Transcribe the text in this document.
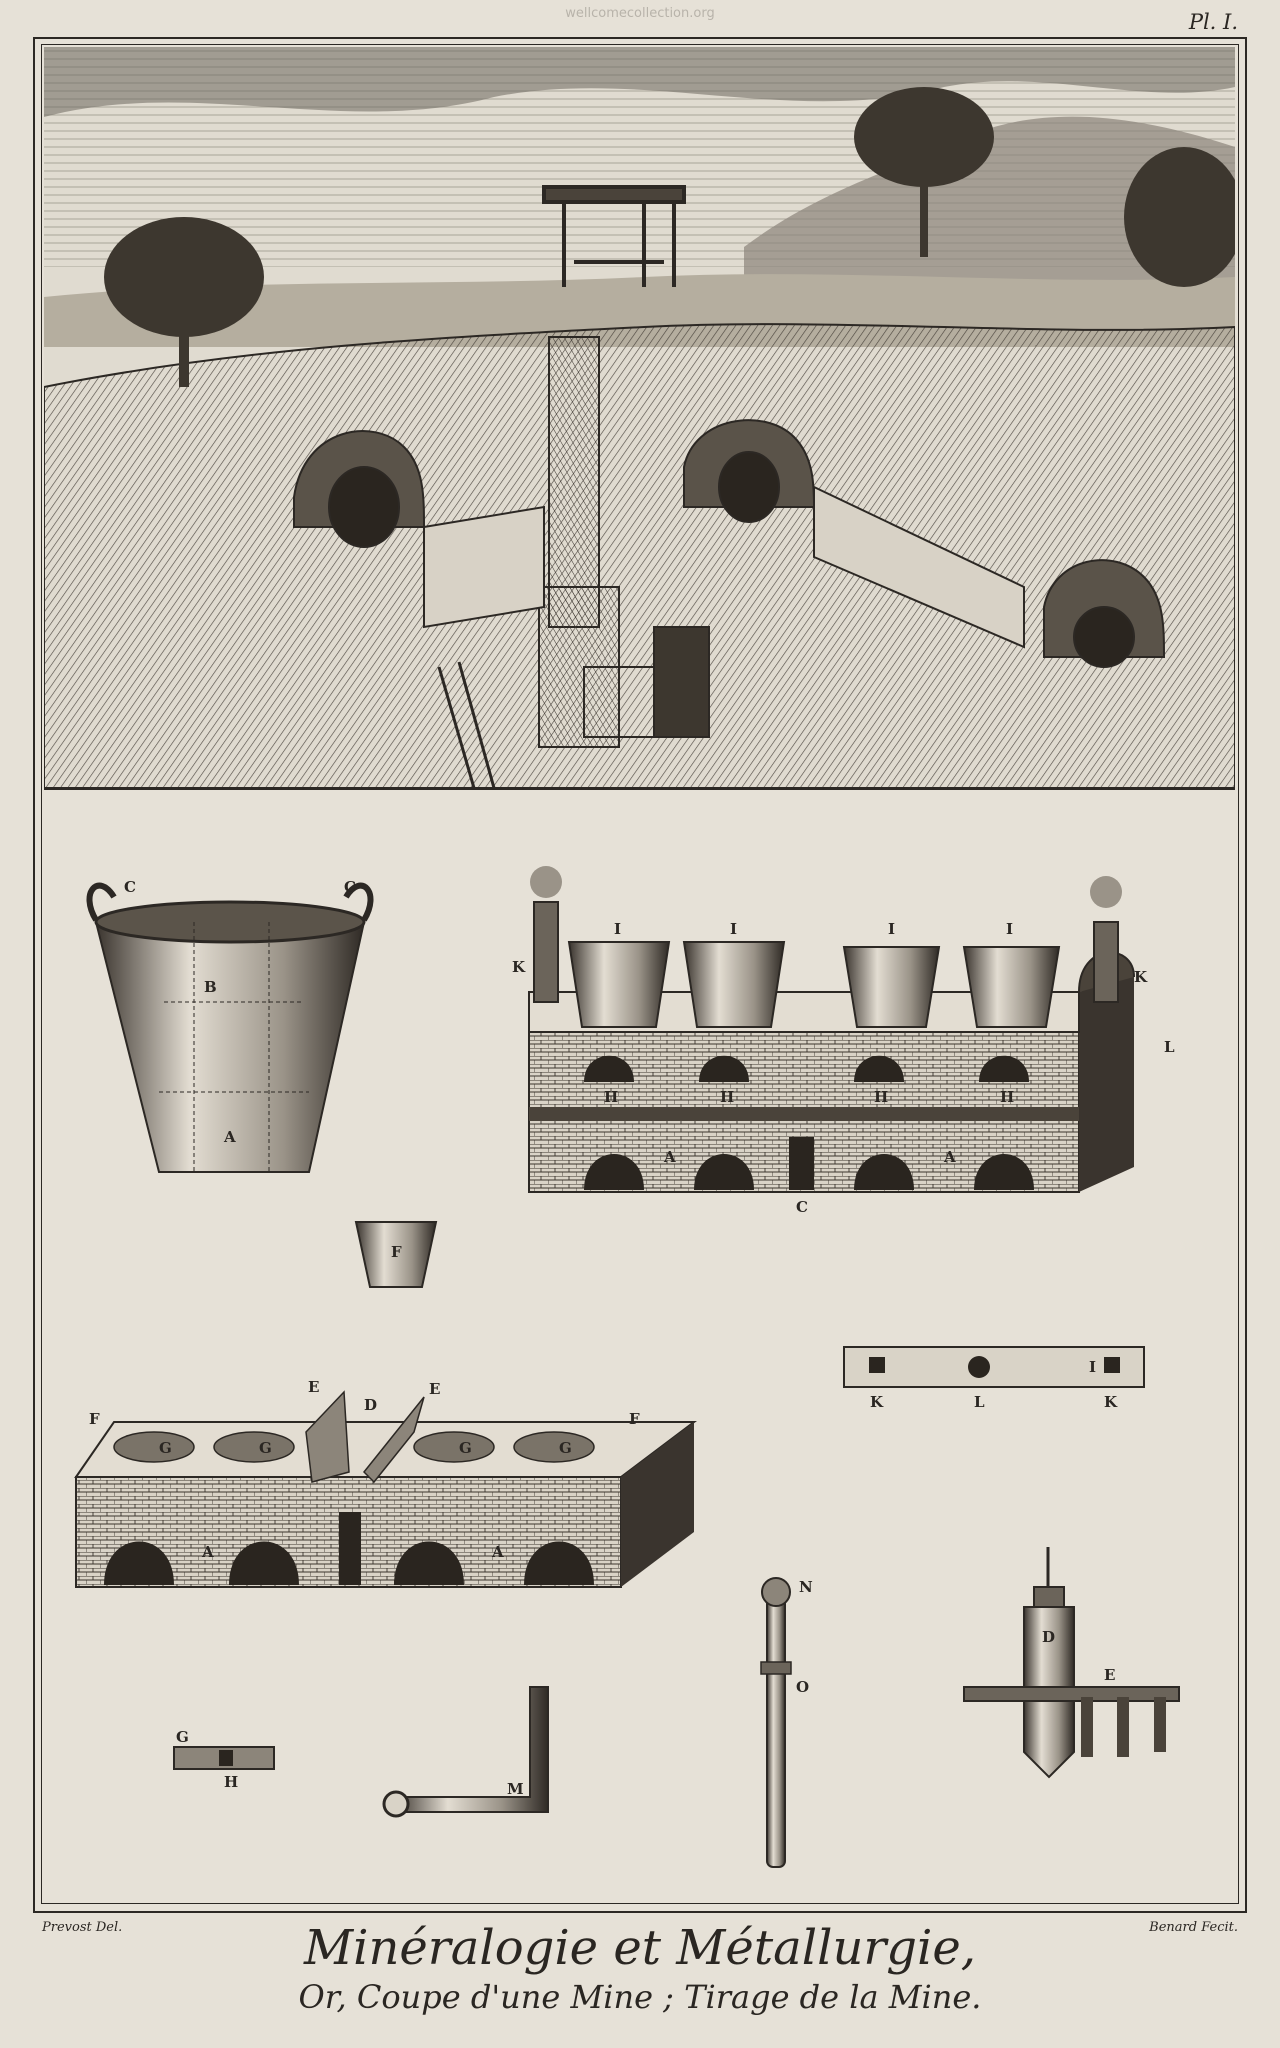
wellcomecollection.org	Pl. I.
C	C
B
A
F
I	I	I	I
K
K
L
H	H	H	H
A	A
C
I
K	L	K
E	E
D
F	F
G	G	G	G
A	A
G
H	M
N
O
D
E
Prevost Del.	Benard Fecit.
Minéralogie et Métallurgie,
Or, Coupe d'une Mine ; Tirage de la Mine.
